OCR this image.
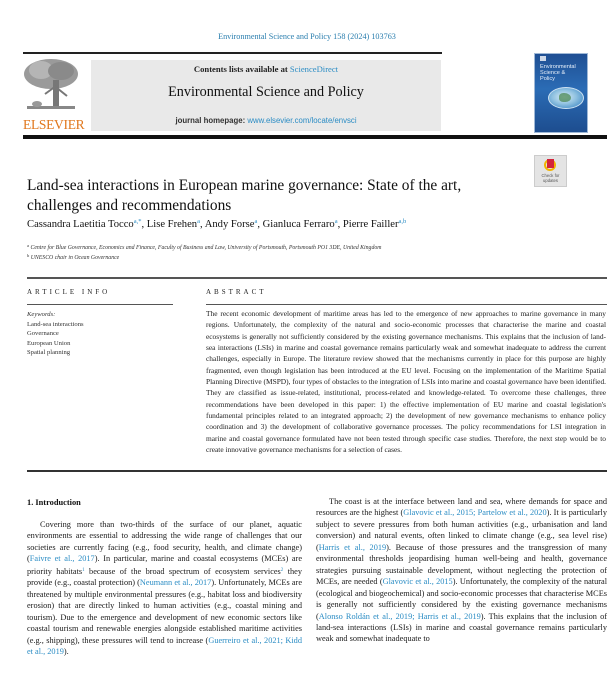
Environmental Science and Policy 158 (2024) 103763
ELSEVIER
Contents lists available at ScienceDirect
Environmental Science and Policy
journal homepage: www.elsevier.com/locate/envsci
Environmental
Science &
Policy
Check for updates
Land-sea interactions in European marine governance: State of the art, challenges and recommendations
Cassandra Laetitia Tocco$^{a,*}$, Lise Frehen$^a$, Andy Forse$^a$, Gianluca Ferraro$^a$, Pierre Failler$^{a,b}$
$^a$ Centre for Blue Governance, Economics and Finance, Faculty of Business and Law, University of Portsmouth, Portsmouth PO1 3DE, United Kingdom
$^b$ UNESCO chair in Ocean Governance
ARTICLE INFO	ABSTRACT
Keywords:
Land-sea interactions
Governance
European Union
Spatial planning
The recent economic development of maritime areas has led to the emergence of new approaches to marine governance in many regions. Unfortunately, the complexity of the natural and socio-economic processes that characterise the marine and coastal ecosystems is generally not sufficiently considered by the existing governance mechanisms. This explains that the inclusion of land-sea interactions (LSIs) in marine and coastal governance remains particularly weak and somewhat inadequate to address the current challenges, especially in Europe. The literature review showed that the mechanisms currently in place for this purpose are highly fragmented, even though legislation has been introduced at the EU level. Focusing on the implementation of the Maritime Spatial Planning Directive (MSPD), four types of obstacles to the integration of LSIs into marine and coastal governance have been identified. They are classified as issue-related, institutional, process-related and knowledge-related. To overcome these challenges, three recommendations have been developed in this paper: 1) the effective implementation of EU marine and coastal legislation's fundamental principles related to an integrated approach; 2) the development of new governance mechanisms to enhance policy coordination and 3) the development of collaborative governance processes. The policy recommendations for LSI integration in marine and coastal governance formulated have not been tested through specific case studies. Therefore, the next step would be to create innovative governance mechanisms for a selection of cases.
1. Introduction
Covering more than two-thirds of the surface of our planet, aquatic environments are essential to addressing the wide range of challenges that our societies are currently facing (e.g., food security, health, and climate change) (Faivre et al., 2017). In particular, marine and coastal ecosystems (MCEs) are priority habitats$^1$ because of the broad spectrum of ecosystem services$^2$ they provide (e.g., coastal protection) (Neumann et al., 2017). Unfortunately, MCEs are threatened by multiple environmental pressures (e.g., habitat loss and biodiversity erosion) that are directly linked to human activities (e.g., coastal mining and tourism). Due to the emergence and development of new economic sectors like coastal tourism and renewable energies alongside established maritime activities (e.g., shipping), these pressures will tend to increase (Guerreiro et al., 2021; Kidd et al., 2019).
The coast is at the interface between land and sea, where demands for space and resources are the highest (Glavovic et al., 2015; Partelow et al., 2020). It is particularly subject to severe pressures from both human activities (e.g., urbanisation and land conversion) and natural events, often linked to climate change (e.g., sea level rise) (Harris et al., 2019). Because of those pressures and the transgression of many environmental thresholds jeopardising human well-being and health, governance strategies pursuing sustainable development, without neglecting the protection of MCEs, are needed (Glavovic et al., 2015). Unfortunately, the complexity of the natural (ecological and biogeochemical) and socio-economic processes that characterise MCEs is generally not sufficiently considered by the existing governance mechanisms (Alonso Roldán et al., 2019; Harris et al., 2019). This explains that the inclusion of land-sea interactions (LSIs) in marine and coastal governance remains particularly weak and somewhat inadequate to
